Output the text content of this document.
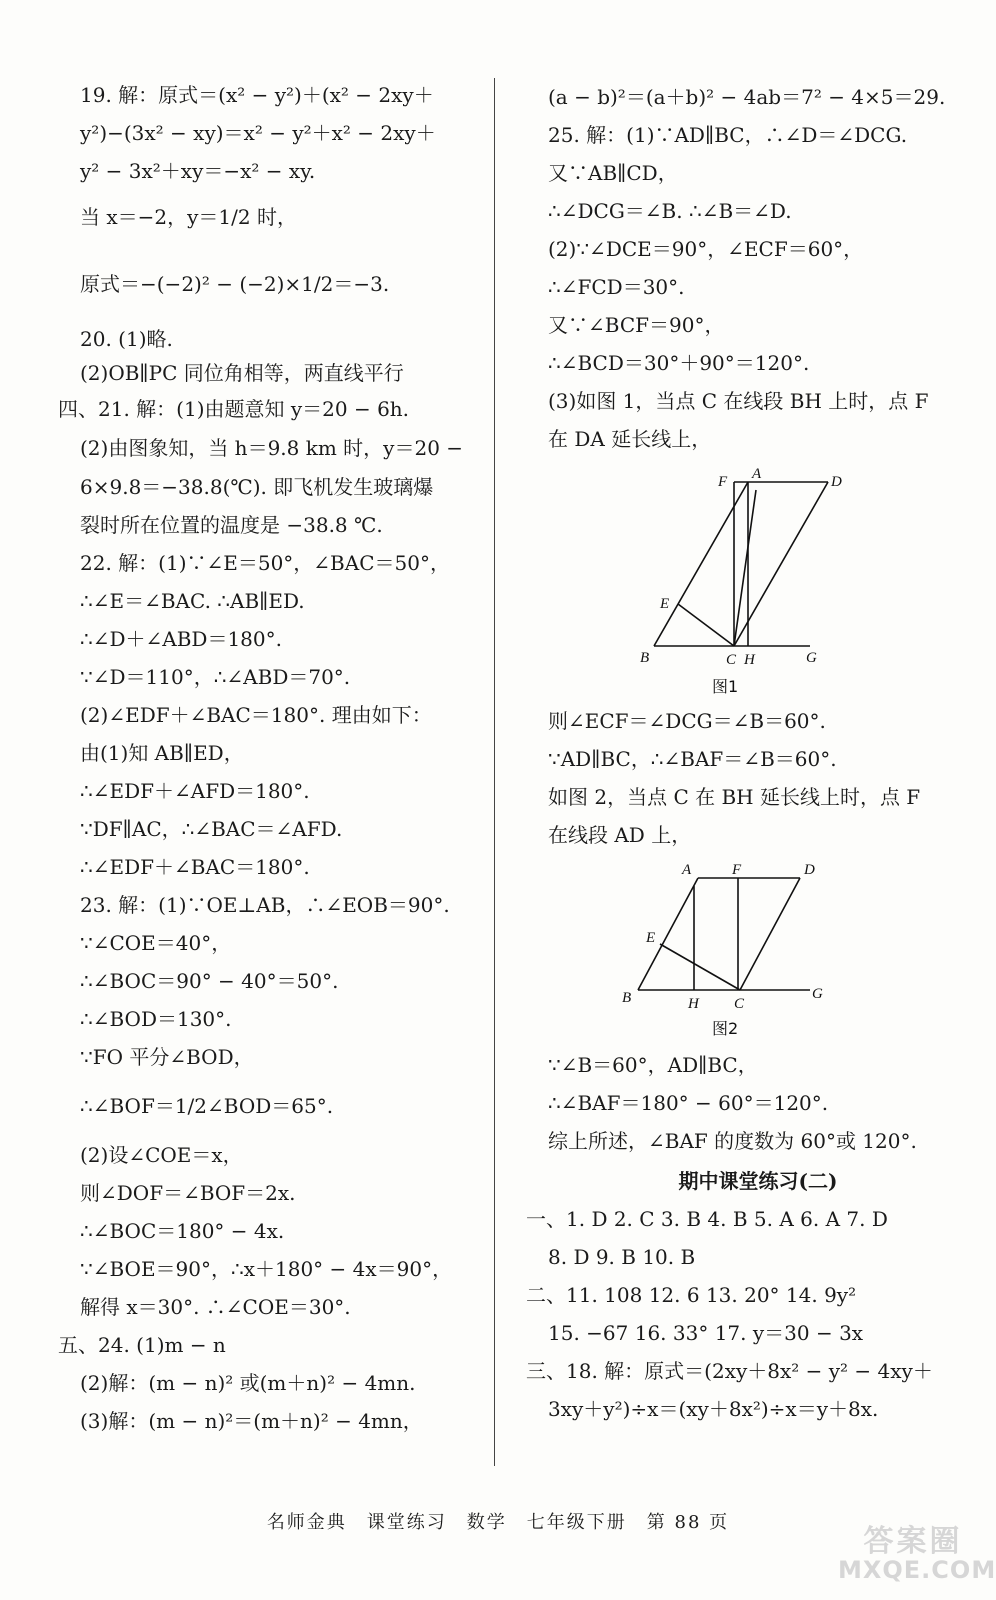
19. 解：原式＝(x² − y²)＋(x² − 2xy＋
y²)−(3x² − xy)＝x² − y²＋x² − 2xy＋
y² − 3x²＋xy＝−x² − xy.
当 x＝−2，y＝1/2 时，
原式＝−(−2)² − (−2)×1/2＝−3.
20. (1)略.
(2)OB∥PC 同位角相等，两直线平行
四、21. 解：(1)由题意知 y＝20 − 6h.
(2)由图象知，当 h＝9.8 km 时，y＝20 −
6×9.8＝−38.8(℃). 即飞机发生玻璃爆
裂时所在位置的温度是 −38.8 ℃.
22. 解：(1)∵∠E＝50°，∠BAC＝50°，
∴∠E＝∠BAC. ∴AB∥ED.
∴∠D＋∠ABD＝180°.
∵∠D＝110°，∴∠ABD＝70°.
(2)∠EDF＋∠BAC＝180°. 理由如下：
由(1)知 AB∥ED，
∴∠EDF＋∠AFD＝180°.
∵DF∥AC，∴∠BAC＝∠AFD.
∴∠EDF＋∠BAC＝180°.
23. 解：(1)∵OE⊥AB，∴∠EOB＝90°.
∵∠COE＝40°，
∴∠BOC＝90° − 40°＝50°.
∴∠BOD＝130°.
∵FO 平分∠BOD，
∴∠BOF＝1/2∠BOD＝65°.
(2)设∠COE＝x，
则∠DOF＝∠BOF＝2x.
∴∠BOC＝180° − 4x.
∵∠BOE＝90°，∴x＋180° − 4x＝90°，
解得 x＝30°. ∴∠COE＝30°.
五、24. (1)m − n
(2)解：(m − n)² 或(m＋n)² − 4mn.
(3)解：(m − n)²＝(m＋n)² − 4mn，
(a − b)²＝(a＋b)² − 4ab＝7² − 4×5＝29.
25. 解：(1)∵AD∥BC，∴∠D＝∠DCG.
又∵AB∥CD，
∴∠DCG＝∠B. ∴∠B＝∠D.
(2)∵∠DCE＝90°，∠ECF＝60°，
∴∠FCD＝30°.
又∵∠BCF＝90°，
∴∠BCD＝30°＋90°＝120°.
(3)如图 1，当点 C 在线段 BH 上时，点 F
在 DA 延长线上，
F A	D
E
B	C H	G
图1
则∠ECF＝∠DCG＝∠B＝60°.
∵AD∥BC，∴∠BAF＝∠B＝60°.
如图 2，当点 C 在 BH 延长线上时，点 F
在线段 AD 上，
A	F	D
E
B	H C
G
图2
∵∠B＝60°，AD∥BC，
∴∠BAF＝180° − 60°＝120°.
综上所述，∠BAF 的度数为 60°或 120°.
期中课堂练习(二)
一、1. D 2. C 3. B 4. B 5. A 6. A 7. D
8. D 9. B 10. B
二、11. 108 12. 6 13. 20° 14. 9y²
15. −67 16. 33° 17. y＝30 − 3x
三、18. 解：原式＝(2xy＋8x² − y² − 4xy＋
3xy＋y²)÷x＝(xy＋8x²)÷x＝y＋8x.
名师金典　课堂练习　数学　七年级下册　第 88 页
答案圈
MXQE.COM
